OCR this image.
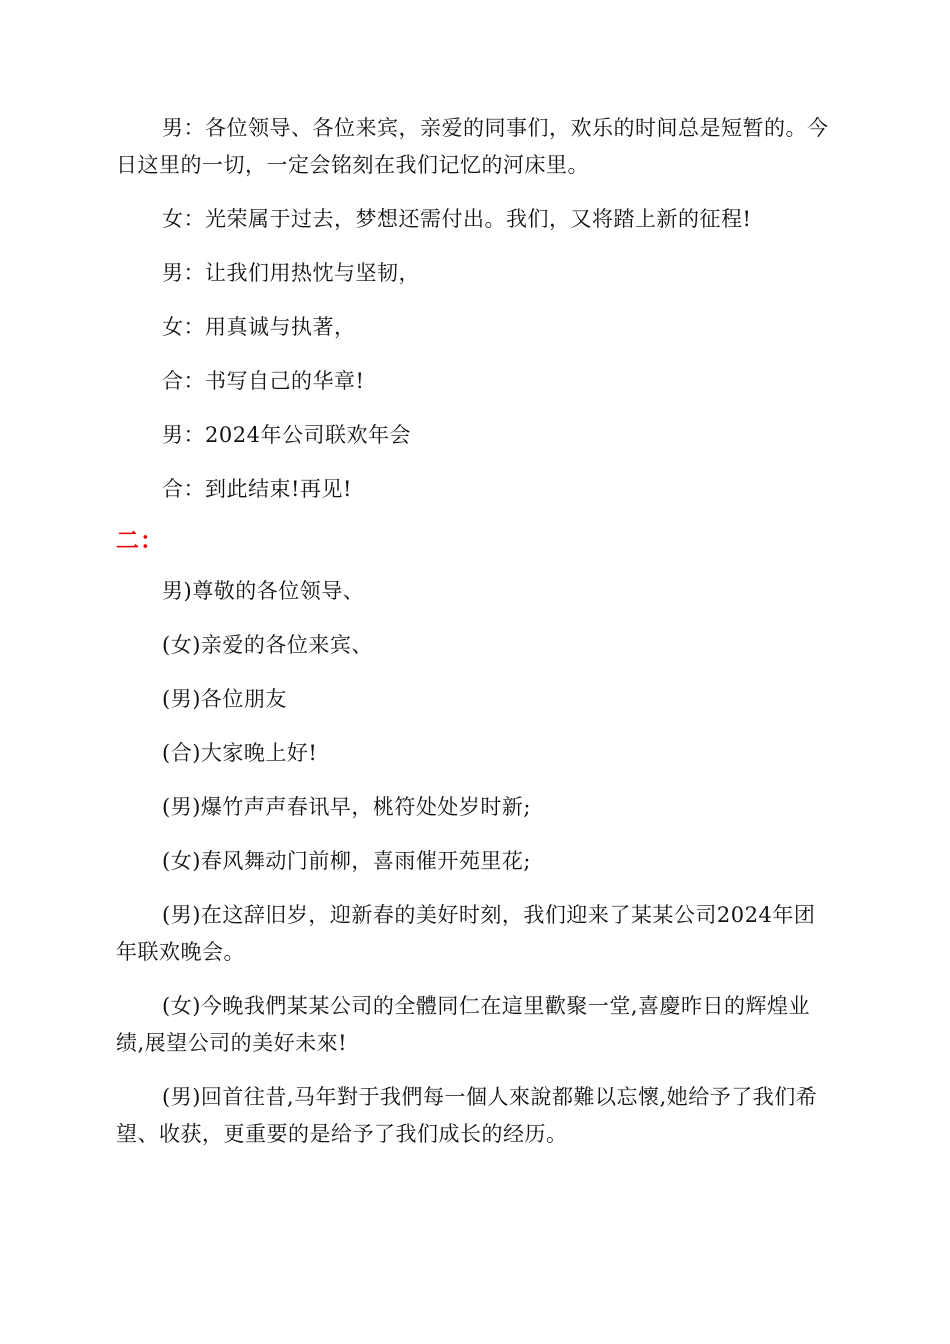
男：各位领导、各位来宾，亲爱的同事们，欢乐的时间总是短暂的。今日这里的一切，一定会铭刻在我们记忆的河床里。

女：光荣属于过去，梦想还需付出。我们，又将踏上新的征程!

男：让我们用热忱与坚韧，

女：用真诚与执著，

合：书写自己的华章!

男：2024年公司联欢年会

合：到此结束!再见!

二：

男)尊敬的各位领导、

(女)亲爱的各位来宾、

(男)各位朋友

(合)大家晚上好!

(男)爆竹声声春讯早，桃符处处岁时新;

(女)春风舞动门前柳，喜雨催开苑里花;

(男)在这辞旧岁，迎新春的美好时刻，我们迎来了某某公司2024年团年联欢晚会。

(女)今晚我們某某公司的全體同仁在這里歡聚一堂,喜慶昨日的辉煌业绩,展望公司的美好未來!

(男)回首往昔,马年對于我們每一個人來說都難以忘懷,她给予了我们希望、收获，更重要的是给予了我们成长的经历。
